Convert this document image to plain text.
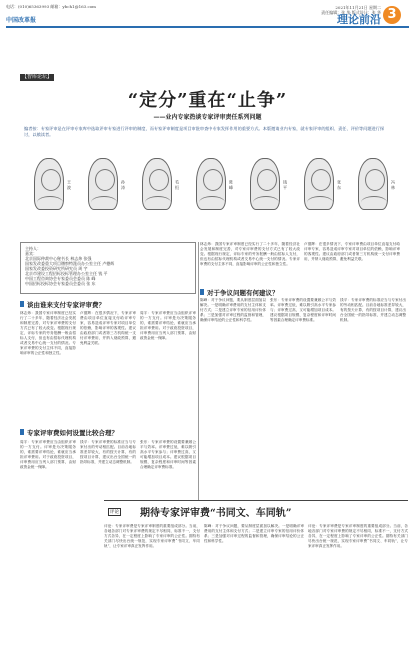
电话：(010)65363993 邮箱：ybch1@163.com
中国改革报
2021年11月21日 星期二
责任编辑：张 华 版式设计：张 华
理论前沿 3
【智库论坛】
“定分”重在“止争”
——业内专家热谈专家评审责任系列问题
编者按：专家评审是在评审专家库中选取评审专家进行评审的制度，而专家评审制度是项目审批审查中专家发挥作用的重要方式。本版邀请业内专家，就专家评审的组织、责任、评价等问题进行探讨，以飨读者。
王 波	孙 涛	毛 恒	陈 峰	钱 平	张 东	冯 林
主持人：
嘉宾：
北京国际仲裁中心秘书长 林志炜 张强
国家发改委重大项目稽察特派员办公室主任 卢德辉
国家发改委投资研究所研究员 周 宇
北京市建设工程招标投标管理办公室主任 钱 平
中国工程咨询协会专家委员会委员 陈 峰
中国招标投标协会专家委员会委员 张 东
林志炜：我国专家评审制度已经实行了二十多年，随着经济社会发展和制度完善，对专家评审费的支付方式已有了较大改变。根据现行规定，评标专家的劳务报酬一般由招标人支付，但也有由招标代理机构或者交易中心统一支付的情况。专家评审费的支付主体不同，直接影响评审的公正性和独立性。
卢德辉：在很多情况下，专家评审费由项目单位直接支付给评审专家，容易造成评审专家对项目单位的依赖，影响评审的客观性。建议由政府部门或者第三方机构统一支付评审费用，并纳入财政预算，避免利益关联。
对于争议问题有何建议？
陈峰：对于争议问题，要从制度层面加以解决。一是明确评审费用的支付主体和支付方式；二是建立评审专家的信用评价体系；三是加强对评审过程的监督和管理，确保评审结论的公正性和科学性。
张东：专家评审费的设置要兼顾公平与效率。评审费过低，难以吸引高水平专家参与；评审费过高，又可能增加项目成本。建议根据项目规模、复杂程度和评审时间等因素合理确定评审费标准。
钱平：专家评审费的标准应当与专家付出的劳动相匹配。目前各地标准差异较大，有的按天计算，有的按项目计算，建议出台全国统一的指导标准，并建立动态调整机制。
谈由谁来支付专家评审费？
林志炜：我国专家评审制度已经实行了二十多年，随着经济社会发展和制度完善，对专家评审费的支付方式已有了较大改变。根据现行规定，评标专家的劳务报酬一般由招标人支付，但也有由招标代理机构或者交易中心统一支付的情况。专家评审费的支付主体不同，直接影响评审的公正性和独立性。
卢德辉：在很多情况下，专家评审费由项目单位直接支付给评审专家，容易造成评审专家对项目单位的依赖，影响评审的客观性。建议由政府部门或者第三方机构统一支付评审费用，并纳入财政预算，避免利益关联。
周宇：专家评审费应当由组织评审的一方支付。评审是为决策服务的，谁需要评审结论，谁就应当承担评审费用。对于政府投资项目，评审费用应当列入部门预算，由财政资金统一保障。
专家评审费如何设置比较合理？
周宇：专家评审费应当由组织评审的一方支付。评审是为决策服务的，谁需要评审结论，谁就应当承担评审费用。对于政府投资项目，评审费用应当列入部门预算，由财政资金统一保障。
钱平：专家评审费的标准应当与专家付出的劳动相匹配。目前各地标准差异较大，有的按天计算，有的按项目计算，建议出台全国统一的指导标准，并建立动态调整机制。
张东：专家评审费的设置要兼顾公平与效率。评审费过低，难以吸引高水平专家参与；评审费过高，又可能增加项目成本。建议根据项目规模、复杂程度和评审时间等因素合理确定评审费标准。
评论 期待专家评审费“书同文、车同轨”
评论：专家评审费是专家评审制度的重要组成部分。当前，各地各部门对专家评审费的规定不尽相同，标准不一，支付方式各异，在一定程度上影响了专家评审的公正性。期待有关部门尽快出台统一规范，实现专家评审费“书同文、车同轨”，让专家评审真正发挥作用。
陈峰：对于争议问题，要从制度层面加以解决。一是明确评审费用的支付主体和支付方式；二是建立评审专家的信用评价体系；三是加强对评审过程的监督和管理，确保评审结论的公正性和科学性。
评论：专家评审费是专家评审制度的重要组成部分。当前，各地各部门对专家评审费的规定不尽相同，标准不一，支付方式各异，在一定程度上影响了专家评审的公正性。期待有关部门尽快出台统一规范，实现专家评审费“书同文、车同轨”，让专家评审真正发挥作用。
